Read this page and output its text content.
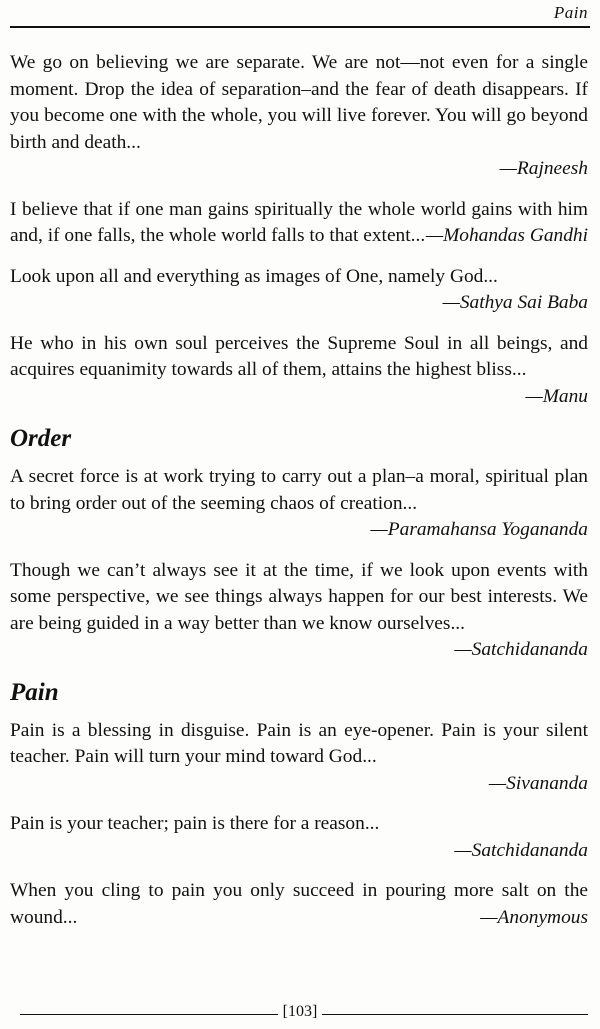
Pain
We go on believing we are separate. We are not—not even for a single moment. Drop the idea of separation–and the fear of death disappears. If you become one with the whole, you will live forever. You will go beyond birth and death...
—Rajneesh
I believe that if one man gains spiritually the whole world gains with him and, if one falls, the whole world falls to that extent... —Mohandas Gandhi
Look upon all and everything as images of One, namely God...
—Sathya Sai Baba
He who in his own soul perceives the Supreme Soul in all beings, and acquires equanimity towards all of them, attains the highest bliss...
—Manu
Order
A secret force is at work trying to carry out a plan–a moral, spiritual plan to bring order out of the seeming chaos of creation...
—Paramahansa Yogananda
Though we can’t always see it at the time, if we look upon events with some perspective, we see things always happen for our best interests. We are being guided in a way better than we know ourselves...
—Satchidananda
Pain
Pain is a blessing in disguise. Pain is an eye-opener. Pain is your silent teacher. Pain will turn your mind toward God...
—Sivananda
Pain is your teacher; pain is there for a reason...
—Satchidananda
When you cling to pain you only succeed in pouring more salt on the wound...	—Anonymous
[103]
